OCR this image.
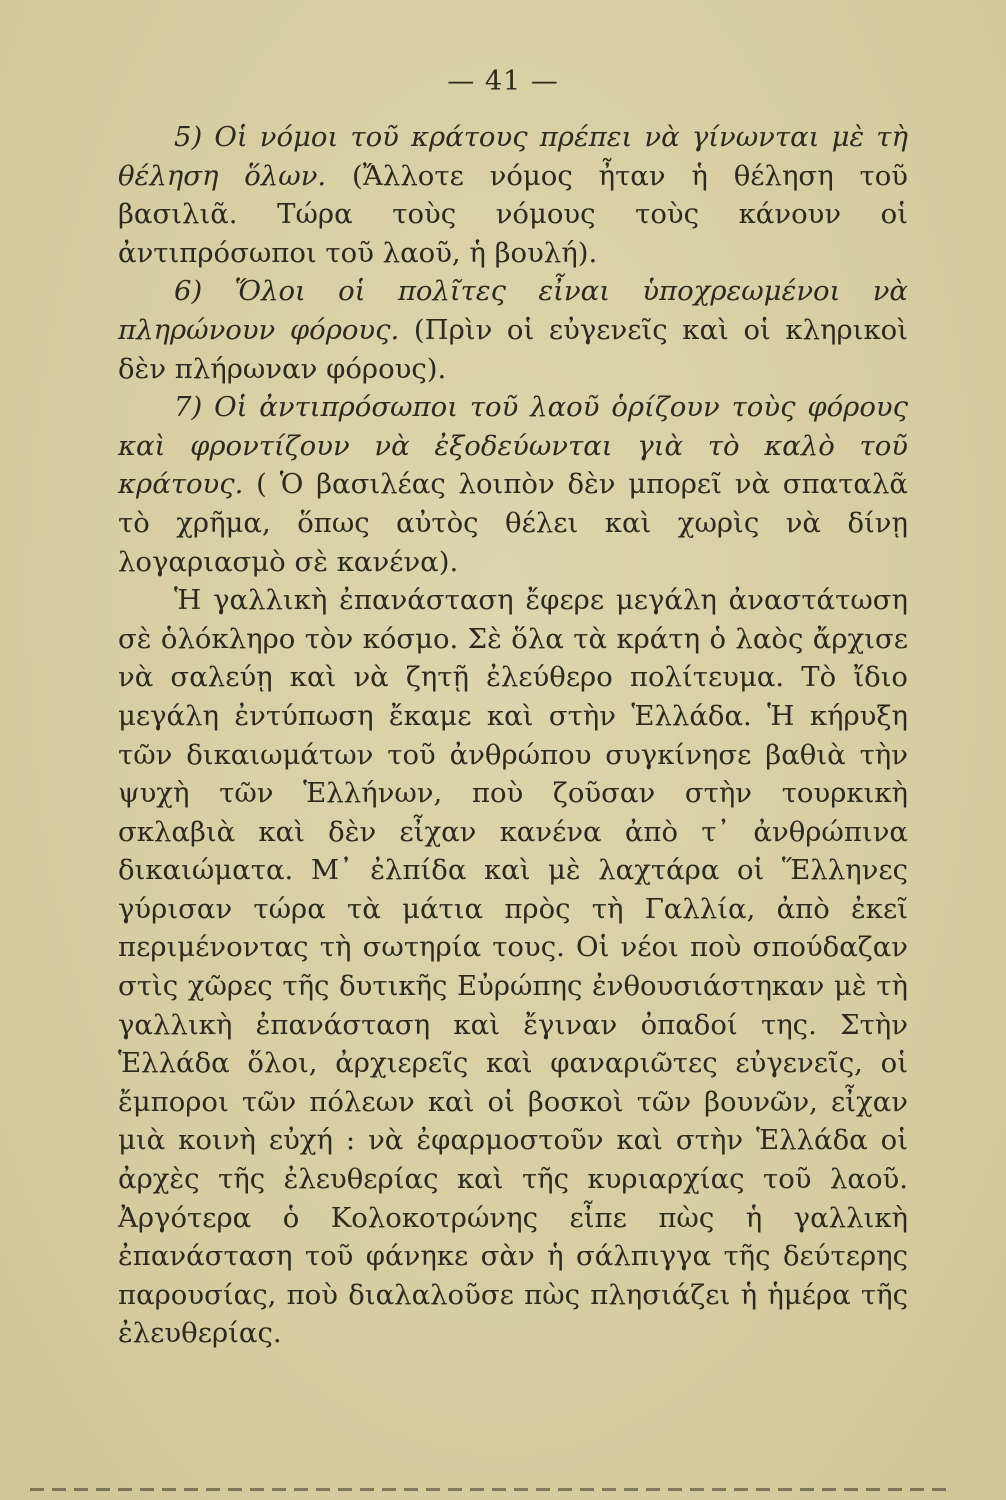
— 41 —

5) Οἱ νόμοι τοῦ κράτους πρέπει νὰ γίνωνται μὲ τὴ θέληση ὅλων. (Ἄλλοτε νόμος ἦταν ἡ θέληση τοῦ βασιλιᾶ. Τώρα τοὺς νόμους τοὺς κάνουν οἱ ἀντιπρόσωποι τοῦ λαοῦ, ἡ βουλή).

6) Ὅλοι οἱ πολῖτες εἶναι ὑποχρεωμένοι νὰ πληρώνουν φόρους. (Πρὶν οἱ εὐγενεῖς καὶ οἱ κληρικοὶ δὲν πλήρωναν φόρους).

7) Οἱ ἀντιπρόσωποι τοῦ λαοῦ ὁρίζουν τοὺς φόρους καὶ φροντίζουν νὰ ἐξοδεύωνται γιὰ τὸ καλὸ τοῦ κράτους. ( Ὁ βασιλέας λοιπὸν δὲν μπορεῖ νὰ σπαταλᾶ τὸ χρῆμα, ὅπως αὐτὸς θέλει καὶ χωρὶς νὰ δίνῃ λογαριασμὸ σὲ κανένα).

Ἡ γαλλικὴ ἐπανάσταση ἔφερε μεγάλη ἀναστάτωση σὲ ὁλόκληρο τὸν κόσμο. Σὲ ὅλα τὰ κράτη ὁ λαὸς ἄρχισε νὰ σαλεύῃ καὶ νὰ ζητῇ ἐλεύθερο πολίτευμα. Τὸ ἴδιο μεγάλη ἐντύπωση ἔκαμε καὶ στὴν Ἑλλάδα. Ἡ κήρυξη τῶν δικαιωμάτων τοῦ ἀνθρώπου συγκίνησε βαθιὰ τὴν ψυχὴ τῶν Ἑλλήνων, ποὺ ζοῦσαν στὴν τουρκικὴ σκλαβιὰ καὶ δὲν εἶχαν κανένα ἀπὸ τ᾽ ἀνθρώπινα δικαιώματα. Μ᾽ ἐλπίδα καὶ μὲ λαχτάρα οἱ Ἕλληνες γύρισαν τώρα τὰ μάτια πρὸς τὴ Γαλλία, ἀπὸ ἐκεῖ περιμένοντας τὴ σωτηρία τους. Οἱ νέοι ποὺ σπούδαζαν στὶς χῶρες τῆς δυτικῆς Εὐρώπης ἐνθουσιάστηκαν μὲ τὴ γαλλικὴ ἐπανάσταση καὶ ἔγιναν ὀπαδοί της. Στὴν Ἑλλάδα ὅλοι, ἀρχιερεῖς καὶ φαναριῶτες εὐγενεῖς, οἱ ἔμποροι τῶν πόλεων καὶ οἱ βοσκοὶ τῶν βουνῶν, εἶχαν μιὰ κοινὴ εὐχή : νὰ ἐφαρμοστοῦν καὶ στὴν Ἑλλάδα οἱ ἀρχὲς τῆς ἐλευθερίας καὶ τῆς κυριαρχίας τοῦ λαοῦ. Ἀργότερα ὁ Κολοκοτρώνης εἶπε πὼς ἡ γαλλικὴ ἐπανάσταση τοῦ φάνηκε σὰν ἡ σάλπιγγα τῆς δεύτερης παρουσίας, ποὺ διαλαλοῦσε πὼς πλησιάζει ἡ ἡμέρα τῆς ἐλευθερίας.
